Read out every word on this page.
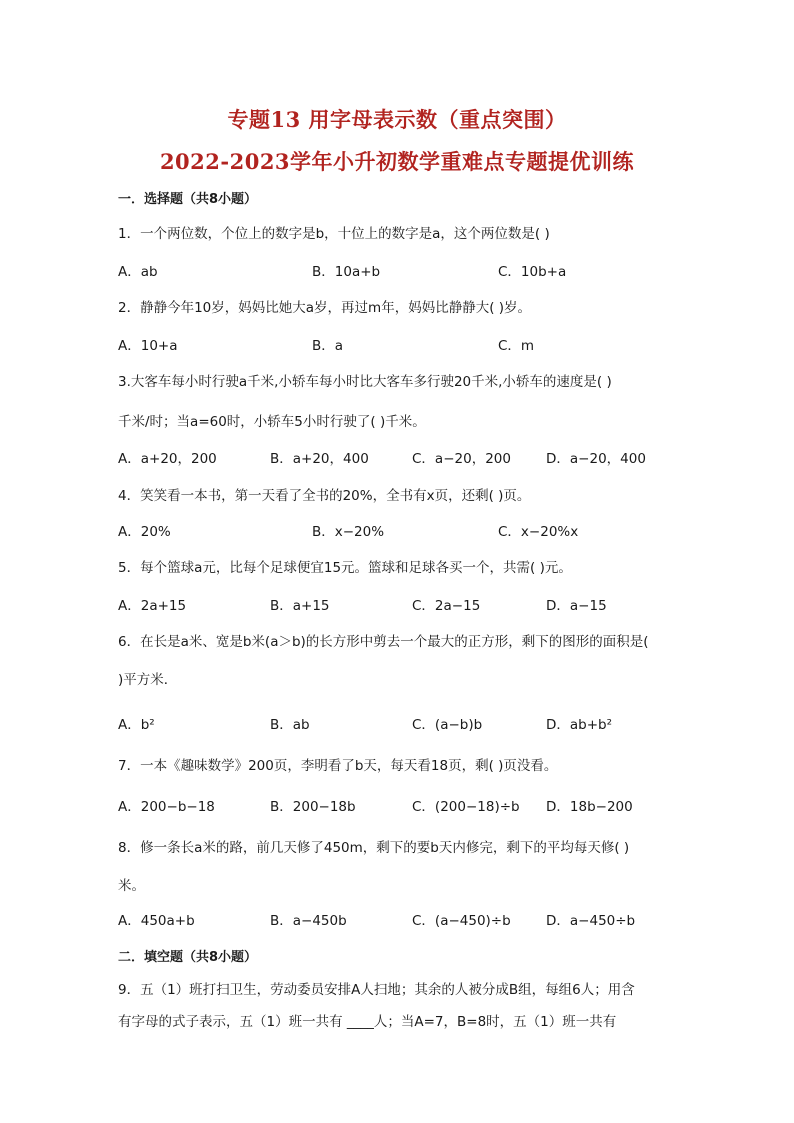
专题13 用字母表示数（重点突围）
2022-2023学年小升初数学重难点专题提优训练
一．选择题（共8小题）
1．一个两位数，个位上的数字是b，十位上的数字是a，这个两位数是( )
A．ab	B．10a+b	C．10b+a
2．静静今年10岁，妈妈比她大a岁，再过m年，妈妈比静静大( )岁。
A．10+a	B．a	C．m
3.大客车每小时行驶a千米,小轿车每小时比大客车多行驶20千米,小轿车的速度是( )
千米/时；当a=60时，小轿车5小时行驶了( )千米。
A．a+20，200	B．a+20，400	C．a−20，200	D．a−20，400
4．笑笑看一本书，第一天看了全书的20%，全书有x页，还剩( )页。
A．20%	B．x−20%	C．x−20%x
5．每个篮球a元，比每个足球便宜15元。篮球和足球各买一个，共需( )元。
A．2a+15	B．a+15	C．2a−15	D．a−15
6．在长是a米、宽是b米(a＞b)的长方形中剪去一个最大的正方形，剩下的图形的面积是(
)平方米．
A．b²	B．ab	C．(a−b)b	D．ab+b²
7．一本《趣味数学》200页，李明看了b天，每天看18页，剩( )页没看。
A．200−b−18	B．200−18b	C．(200−18)÷b D．18b−200
8．修一条长a米的路，前几天修了450m，剩下的要b天内修完，剩下的平均每天修( )
米。
A．450a+b	B．a−450b	C．(a−450)÷b	D．a−450÷b
二．填空题（共8小题）
9．五（1）班打扫卫生，劳动委员安排A人扫地；其余的人被分成B组，每组6人；用含
有字母的式子表示，五（1）班一共有 ____人；当A=7，B=8时，五（1）班一共有
